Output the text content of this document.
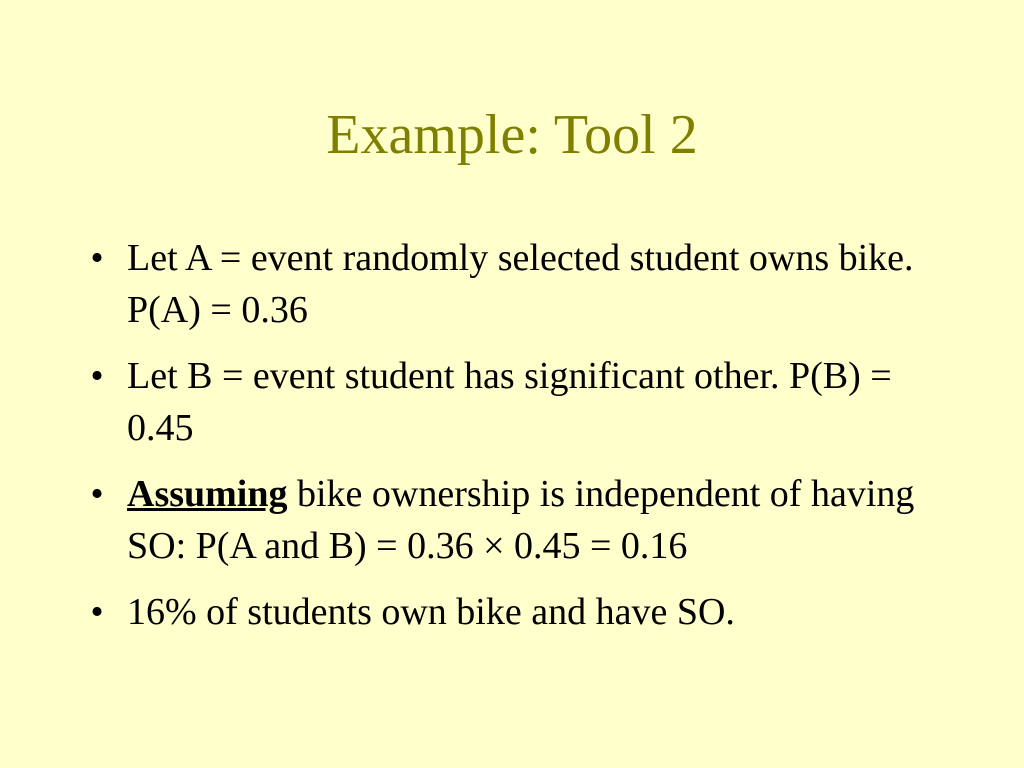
Example: Tool 2
• Let A = event randomly selected student owns bike. P(A) = 0.36
• Let B = event student has significant other. P(B) = 0.45
• Assuming bike ownership is independent of having SO: P(A and B) = 0.36 × 0.45 = 0.16
• 16% of students own bike and have SO.
